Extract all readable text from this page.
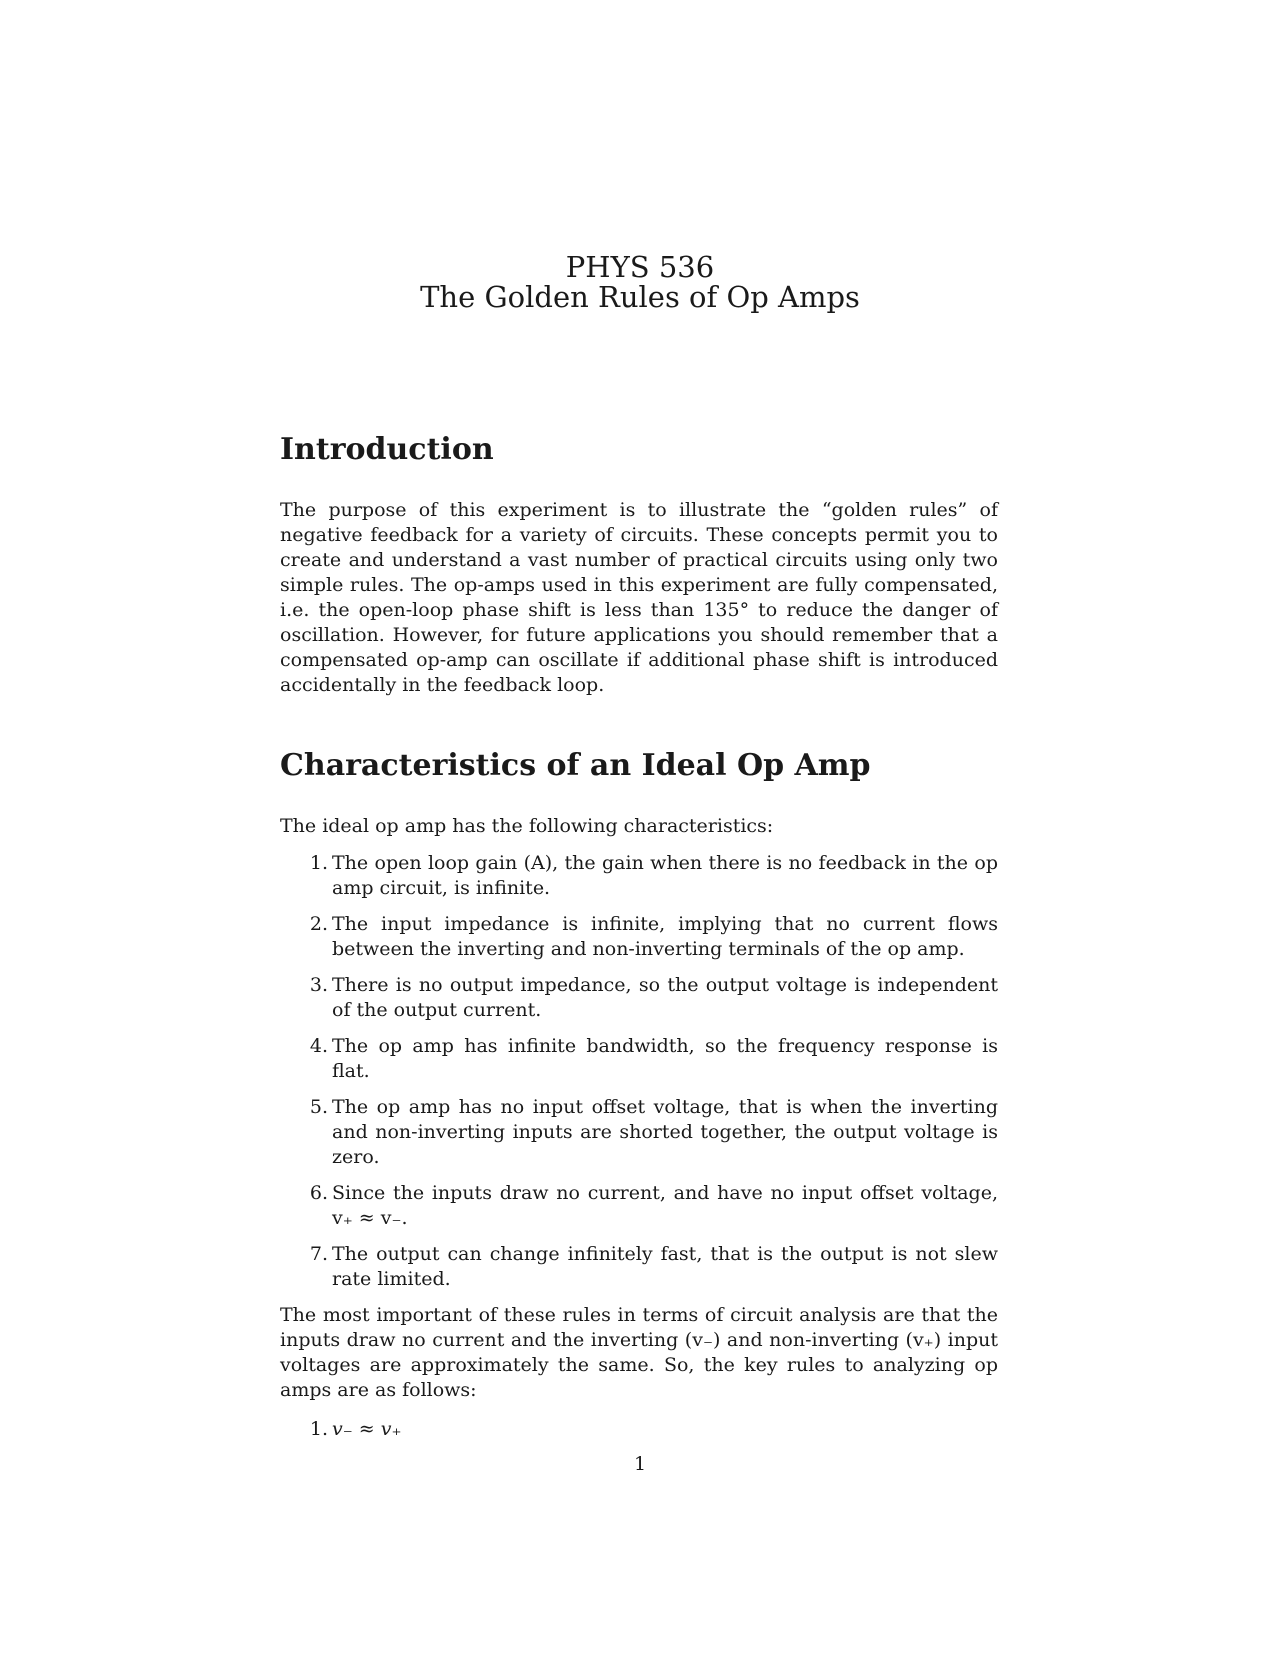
PHYS 536
The Golden Rules of Op Amps
Introduction

The purpose of this experiment is to illustrate the “golden rules” of negative feedback for a variety of circuits. These concepts permit you to create and understand a vast number of practical circuits using only two simple rules. The op-amps used in this experiment are fully compensated, i.e. the open-loop phase shift is less than 135° to reduce the danger of oscillation. However, for future applications you should remember that a compensated op-amp can oscillate if additional phase shift is introduced accidentally in the feedback loop.

Characteristics of an Ideal Op Amp

The ideal op amp has the following characteristics:

1. The open loop gain (A), the gain when there is no feedback in the op amp circuit, is infinite.
2. The input impedance is infinite, implying that no current flows between the inverting and non-inverting terminals of the op amp.
3. There is no output impedance, so the output voltage is independent of the output current.
4. The op amp has infinite bandwidth, so the frequency response is flat.
5. The op amp has no input offset voltage, that is when the inverting and non-inverting inputs are shorted together, the output voltage is zero.
6. Since the inputs draw no current, and have no input offset voltage, v₊ ≈ v₋.
7. The output can change infinitely fast, that is the output is not slew rate limited.

The most important of these rules in terms of circuit analysis are that the inputs draw no current and the inverting (v₋) and non-inverting (v₊) input voltages are approximately the same. So, the key rules to analyzing op amps are as follows:

1. v₋ ≈ v₊
1
